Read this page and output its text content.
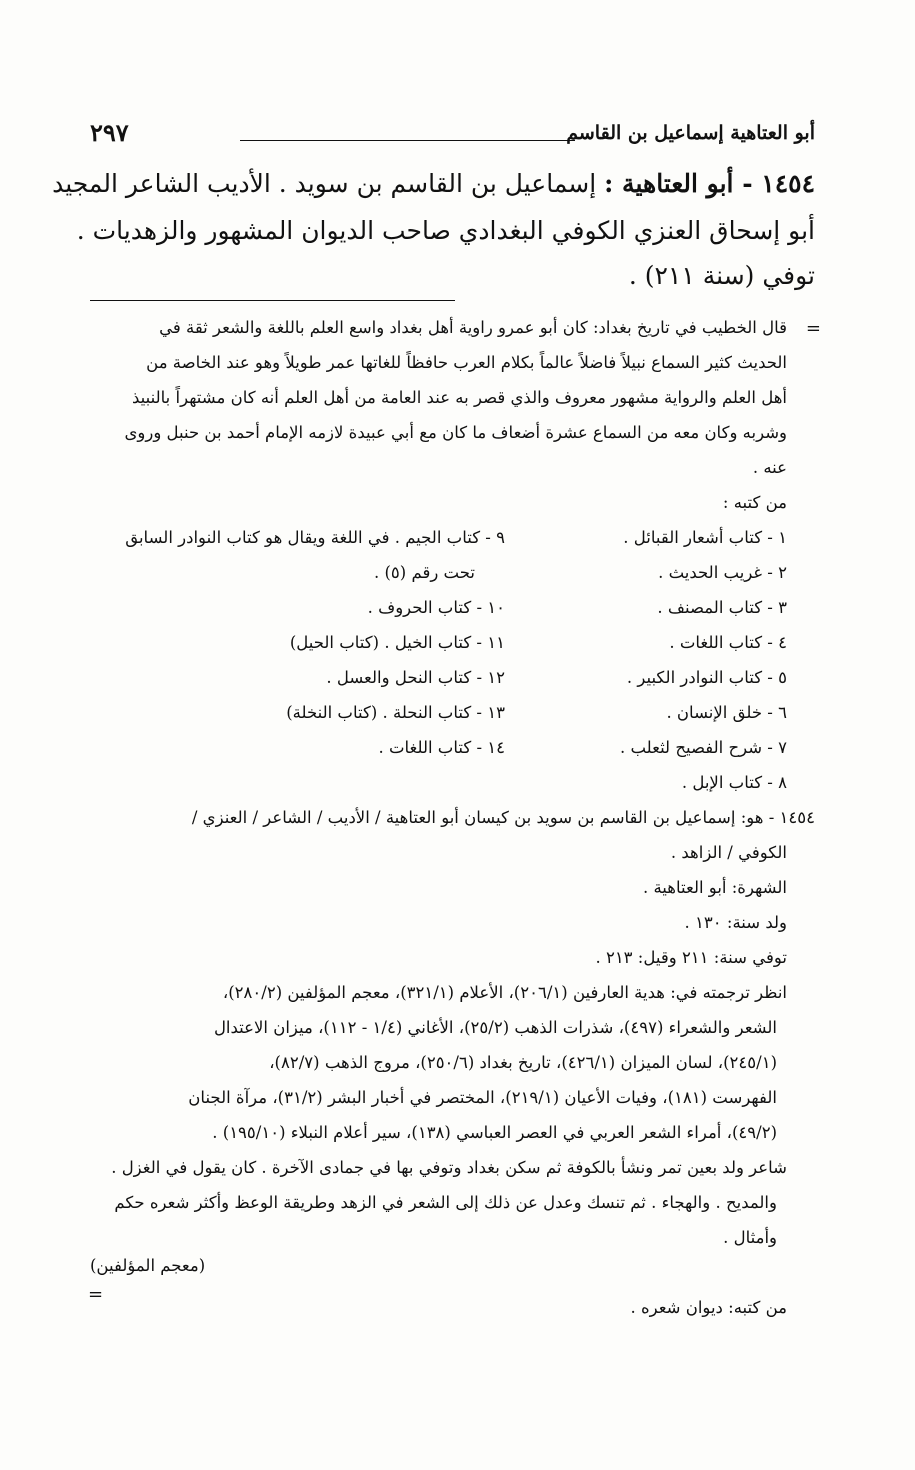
أبو العتاهية إسماعيل بن القاسم
٢٩٧
١٤٥٤ - أبو العتاهية : إسماعيل بن القاسم بن سويد . الأديب الشاعر المجيد
أبو إسحاق العنزي الكوفي البغدادي صاحب الديوان المشهور والزهديات .
توفي (سنة ٢١١) .
=
قال الخطيب في تاريخ بغداد: كان أبو عمرو راوية أهل بغداد واسع العلم باللغة والشعر ثقة في
الحديث كثير السماع نبيلاً فاضلاً عالماً بكلام العرب حافظاً للغاتها عمر طويلاً وهو عند الخاصة من
أهل العلم والرواية مشهور معروف والذي قصر به عند العامة من أهل العلم أنه كان مشتهراً بالنبيذ
وشربه وكان معه من السماع عشرة أضعاف ما كان مع أبي عبيدة لازمه الإمام أحمد بن حنبل وروى
عنه .
من كتبه :
١ - كتاب أشعار القبائل .
٢ - غريب الحديث .
٣ - كتاب المصنف .
٤ - كتاب اللغات .
٥ - كتاب النوادر الكبير .
٦ - خلق الإنسان .
٧ - شرح الفصيح لثعلب .
٨ - كتاب الإبل .
٩ - كتاب الجيم . في اللغة ويقال هو كتاب النوادر السابق
تحت رقم (٥) .
١٠ - كتاب الحروف .
١١ - كتاب الخيل . (كتاب الحيل)
١٢ - كتاب النحل والعسل .
١٣ - كتاب النحلة . (كتاب النخلة)
١٤ - كتاب اللغات .
١٤٥٤ - هو: إسماعيل بن القاسم بن سويد بن كيسان أبو العتاهية / الأديب / الشاعر / العنزي /
الكوفي / الزاهد .
الشهرة: أبو العتاهية .
ولد سنة: ١٣٠ .
توفي سنة: ٢١١ وقيل: ٢١٣ .
انظر ترجمته في: هدية العارفين (٢٠٦/١)، الأعلام (٣٢١/١)، معجم المؤلفين (٢٨٠/٢)،
الشعر والشعراء (٤٩٧)، شذرات الذهب (٢٥/٢)، الأغاني (١/٤ - ١١٢)، ميزان الاعتدال
(٢٤٥/١)، لسان الميزان (٤٢٦/١)، تاريخ بغداد (٢٥٠/٦)، مروج الذهب (٨٢/٧)،
الفهرست (١٨١)، وفيات الأعيان (٢١٩/١)، المختصر في أخبار البشر (٣١/٢)، مرآة الجنان
(٤٩/٢)، أمراء الشعر العربي في العصر العباسي (١٣٨)، سير أعلام النبلاء (١٩٥/١٠) .
شاعر ولد بعين تمر ونشأ بالكوفة ثم سكن بغداد وتوفي بها في جمادى الآخرة . كان يقول في الغزل .
والمديح . والهجاء . ثم تنسك وعدل عن ذلك إلى الشعر في الزهد وطريقة الوعظ وأكثر شعره حكم
وأمثال .
(معجم المؤلفين)
من كتبه: ديوان شعره .
=
